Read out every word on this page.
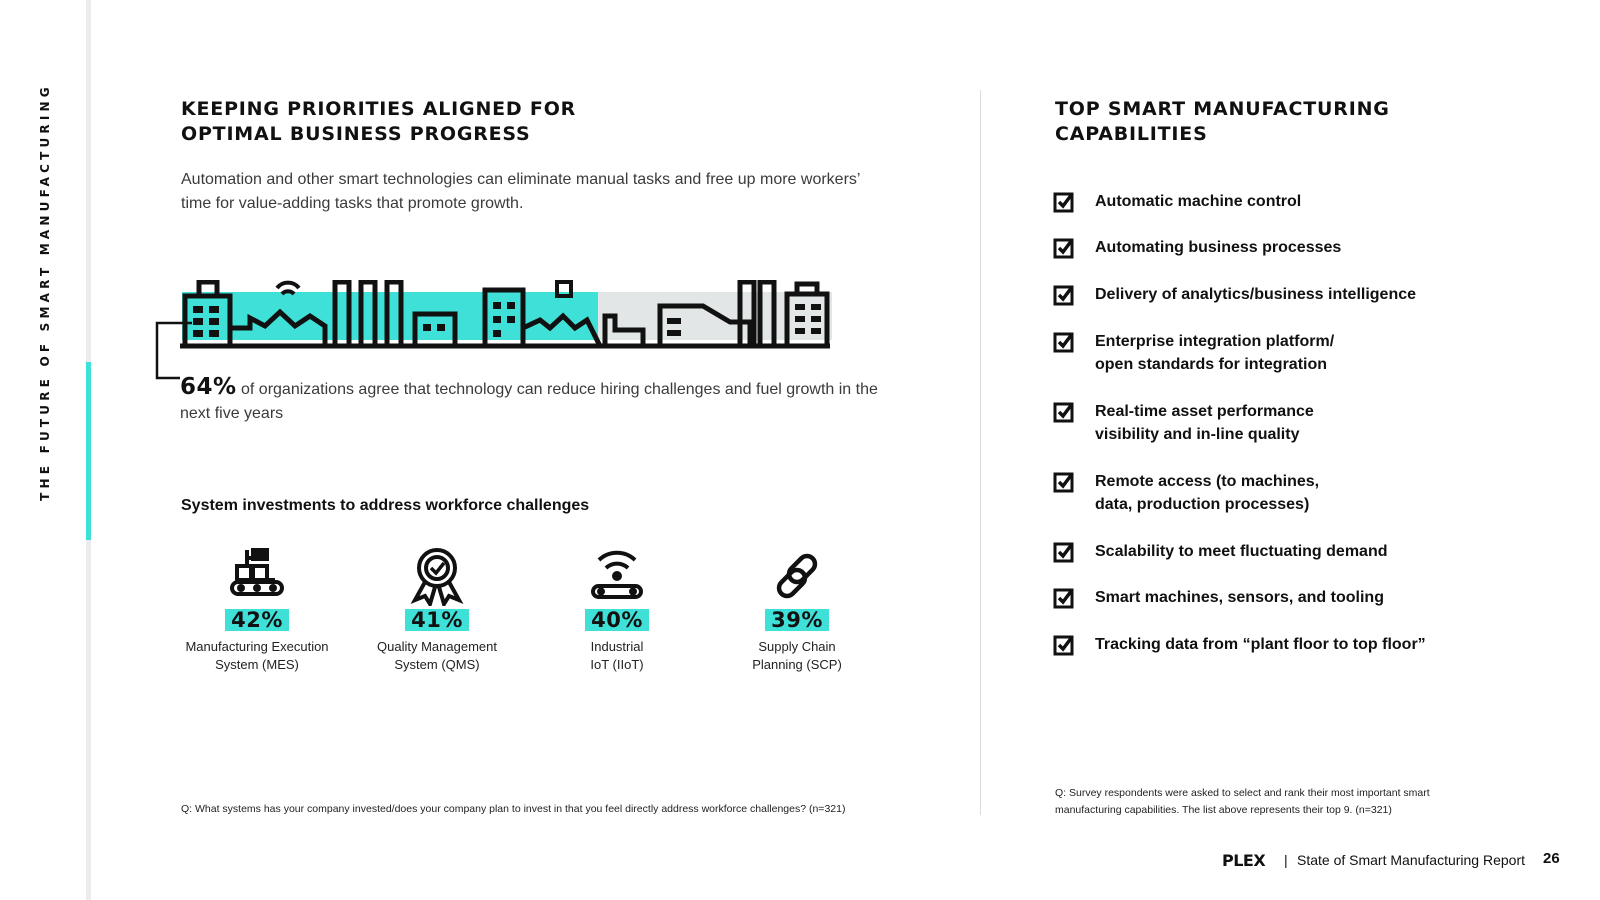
THE FUTURE OF SMART MANUFACTURING	KEEPING PRIORITIES ALIGNED FOR
OPTIMAL BUSINESS PROGRESS
Automation and other smart technologies can eliminate manual tasks and free up more workers’ time for value-adding tasks that promote growth.
64% of organizations agree that technology can reduce hiring challenges and fuel growth in the next five years
System investments to address workforce challenges
42%
Manufacturing Execution
System (MES)
41%
Quality Management
System (QMS)
40%
Industrial
IoT (IIoT)
39%
Supply Chain
Planning (SCP)
Q: What systems has your company invested/does your company plan to invest in that you feel directly address workforce challenges? (n=321)
TOP SMART MANUFACTURING
CAPABILITIES
Q: Survey respondents were asked to select and rank their most important smart
manufacturing capabilities. The list above represents their top 9. (n=321)
PLEX | State of Smart Manufacturing Report 26
Automatic machine control
Automating business processes
Delivery of analytics/business intelligence
Enterprise integration platform/
open standards for integration
Real-time asset performance
visibility and in-line quality
Remote access (to machines,
data, production processes)
Scalability to meet fluctuating demand
Smart machines, sensors, and tooling
Tracking data from “plant floor to top floor”
